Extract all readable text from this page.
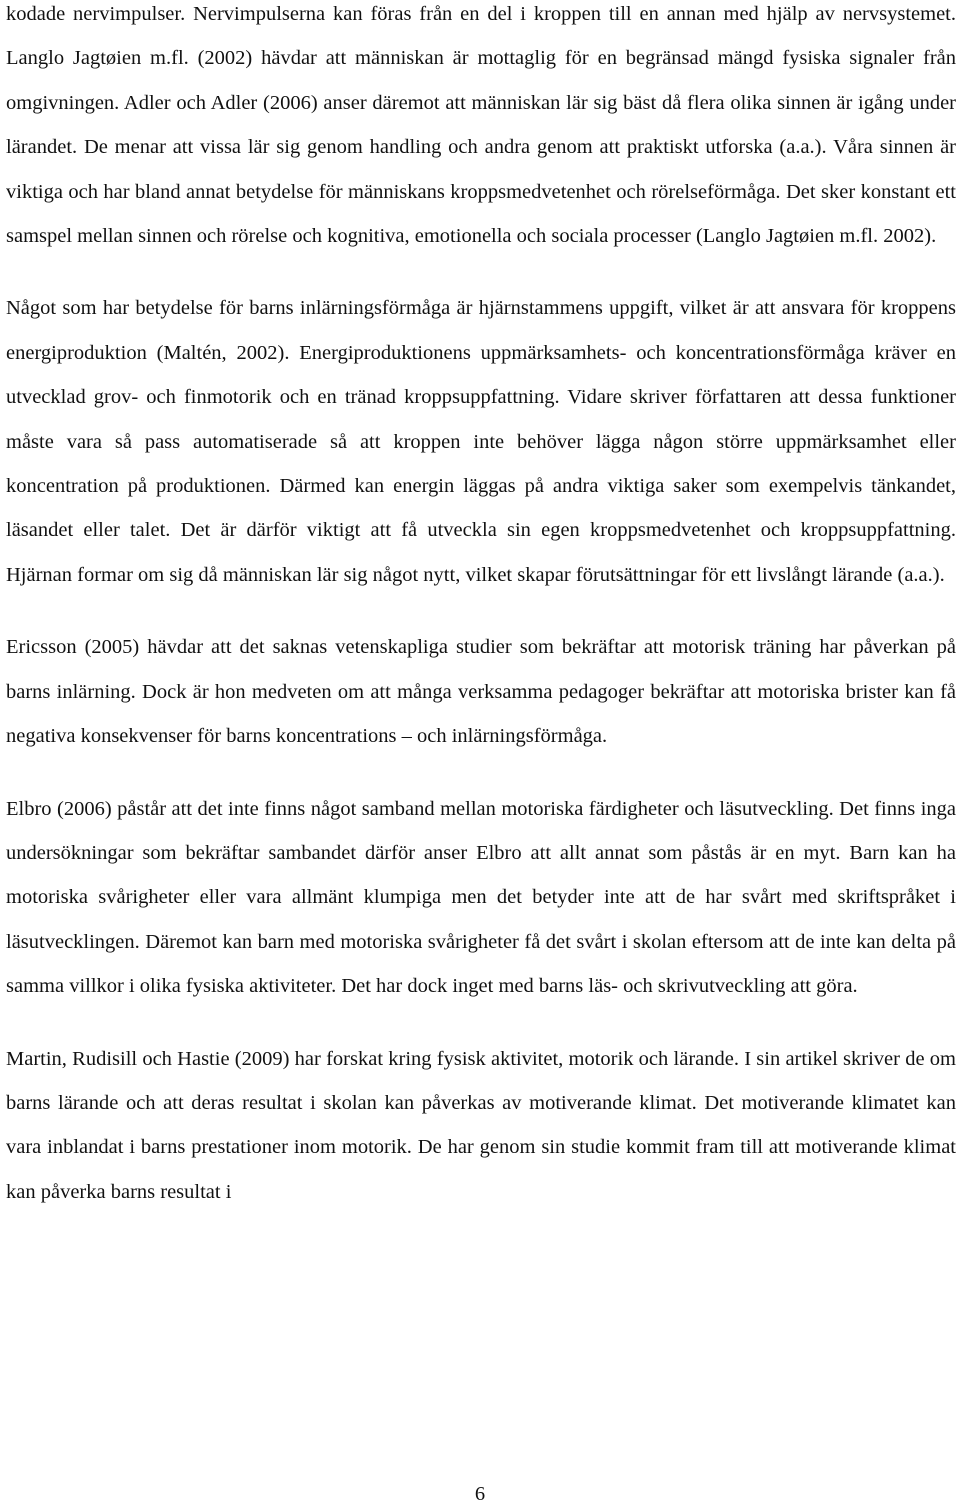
kodade nervimpulser. Nervimpulserna kan föras från en del i kroppen till en annan med hjälp av nervsystemet. Langlo Jagtøien m.fl. (2002) hävdar att människan är mottaglig för en begränsad mängd fysiska signaler från omgivningen. Adler och Adler (2006) anser däremot att människan lär sig bäst då flera olika sinnen är igång under lärandet. De menar att vissa lär sig genom handling och andra genom att praktiskt utforska (a.a.). Våra sinnen är viktiga och har bland annat betydelse för människans kroppsmedvetenhet och rörelseförmåga. Det sker konstant ett samspel mellan sinnen och rörelse och kognitiva, emotionella och sociala processer (Langlo Jagtøien m.fl. 2002).

Något som har betydelse för barns inlärningsförmåga är hjärnstammens uppgift, vilket är att ansvara för kroppens energiproduktion (Maltén, 2002). Energiproduktionens uppmärksamhets- och koncentrationsförmåga kräver en utvecklad grov- och finmotorik och en tränad kroppsuppfattning. Vidare skriver författaren att dessa funktioner måste vara så pass automatiserade så att kroppen inte behöver lägga någon större uppmärksamhet eller koncentration på produktionen. Därmed kan energin läggas på andra viktiga saker som exempelvis tänkandet, läsandet eller talet. Det är därför viktigt att få utveckla sin egen kroppsmedvetenhet och kroppsuppfattning. Hjärnan formar om sig då människan lär sig något nytt, vilket skapar förutsättningar för ett livslångt lärande (a.a.).

Ericsson (2005) hävdar att det saknas vetenskapliga studier som bekräftar att motorisk träning har påverkan på barns inlärning. Dock är hon medveten om att många verksamma pedagoger bekräftar att motoriska brister kan få negativa konsekvenser för barns koncentrations – och inlärningsförmåga.

Elbro (2006) påstår att det inte finns något samband mellan motoriska färdigheter och läsutveckling. Det finns inga undersökningar som bekräftar sambandet därför anser Elbro att allt annat som påstås är en myt. Barn kan ha motoriska svårigheter eller vara allmänt klumpiga men det betyder inte att de har svårt med skriftspråket i läsutvecklingen. Däremot kan barn med motoriska svårigheter få det svårt i skolan eftersom att de inte kan delta på samma villkor i olika fysiska aktiviteter. Det har dock inget med barns läs- och skrivutveckling att göra.

Martin, Rudisill och Hastie (2009) har forskat kring fysisk aktivitet, motorik och lärande. I sin artikel skriver de om barns lärande och att deras resultat i skolan kan påverkas av motiverande klimat. Det motiverande klimatet kan vara inblandat i barns prestationer inom motorik. De har genom sin studie kommit fram till att motiverande klimat kan påverka barns resultat i

6
